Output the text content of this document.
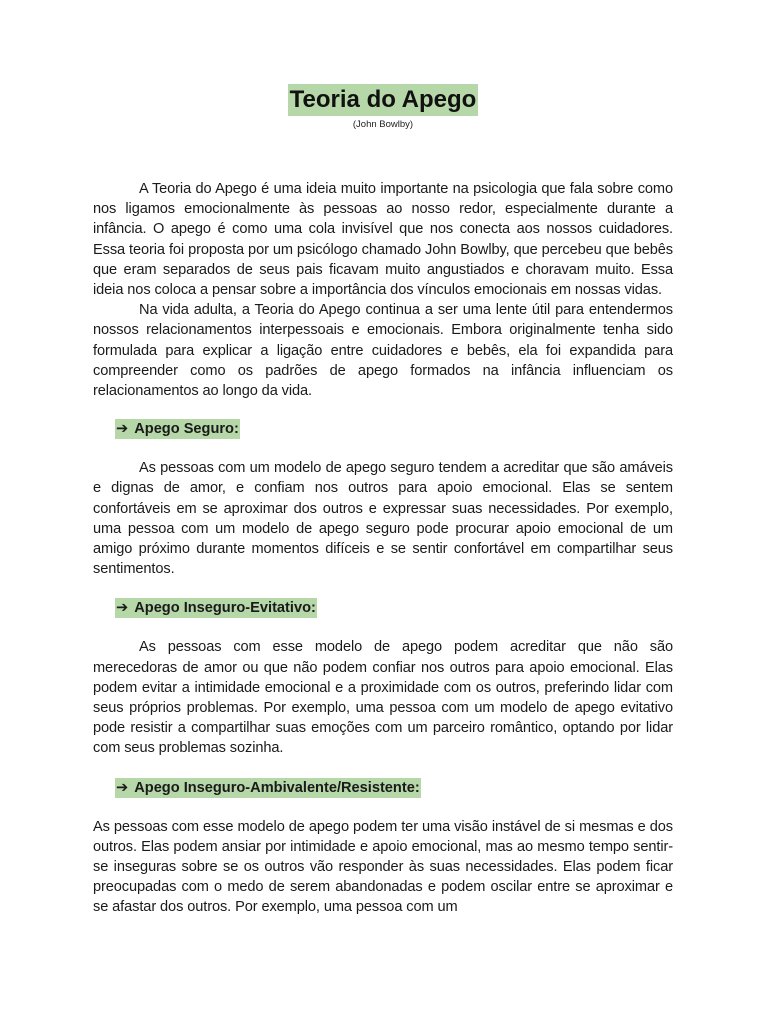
Teoria do Apego
(John Bowlby)

A Teoria do Apego é uma ideia muito importante na psicologia que fala sobre como nos ligamos emocionalmente às pessoas ao nosso redor, especialmente durante a infância. O apego é como uma cola invisível que nos conecta aos nossos cuidadores. Essa teoria foi proposta por um psicólogo chamado John Bowlby, que percebeu que bebês que eram separados de seus pais ficavam muito angustiados e choravam muito. Essa ideia nos coloca a pensar sobre a importância dos vínculos emocionais em nossas vidas.

Na vida adulta, a Teoria do Apego continua a ser uma lente útil para entendermos nossos relacionamentos interpessoais e emocionais. Embora originalmente tenha sido formulada para explicar a ligação entre cuidadores e bebês, ela foi expandida para compreender como os padrões de apego formados na infância influenciam os relacionamentos ao longo da vida.

➔ Apego Seguro:

As pessoas com um modelo de apego seguro tendem a acreditar que são amáveis e dignas de amor, e confiam nos outros para apoio emocional. Elas se sentem confortáveis em se aproximar dos outros e expressar suas necessidades. Por exemplo, uma pessoa com um modelo de apego seguro pode procurar apoio emocional de um amigo próximo durante momentos difíceis e se sentir confortável em compartilhar seus sentimentos.

➔ Apego Inseguro-Evitativo:

As pessoas com esse modelo de apego podem acreditar que não são merecedoras de amor ou que não podem confiar nos outros para apoio emocional. Elas podem evitar a intimidade emocional e a proximidade com os outros, preferindo lidar com seus próprios problemas. Por exemplo, uma pessoa com um modelo de apego evitativo pode resistir a compartilhar suas emoções com um parceiro romântico, optando por lidar com seus problemas sozinha.

➔ Apego Inseguro-Ambivalente/Resistente:

As pessoas com esse modelo de apego podem ter uma visão instável de si mesmas e dos outros. Elas podem ansiar por intimidade e apoio emocional, mas ao mesmo tempo sentir-se inseguras sobre se os outros vão responder às suas necessidades. Elas podem ficar preocupadas com o medo de serem abandonadas e podem oscilar entre se aproximar e se afastar dos outros. Por exemplo, uma pessoa com um
